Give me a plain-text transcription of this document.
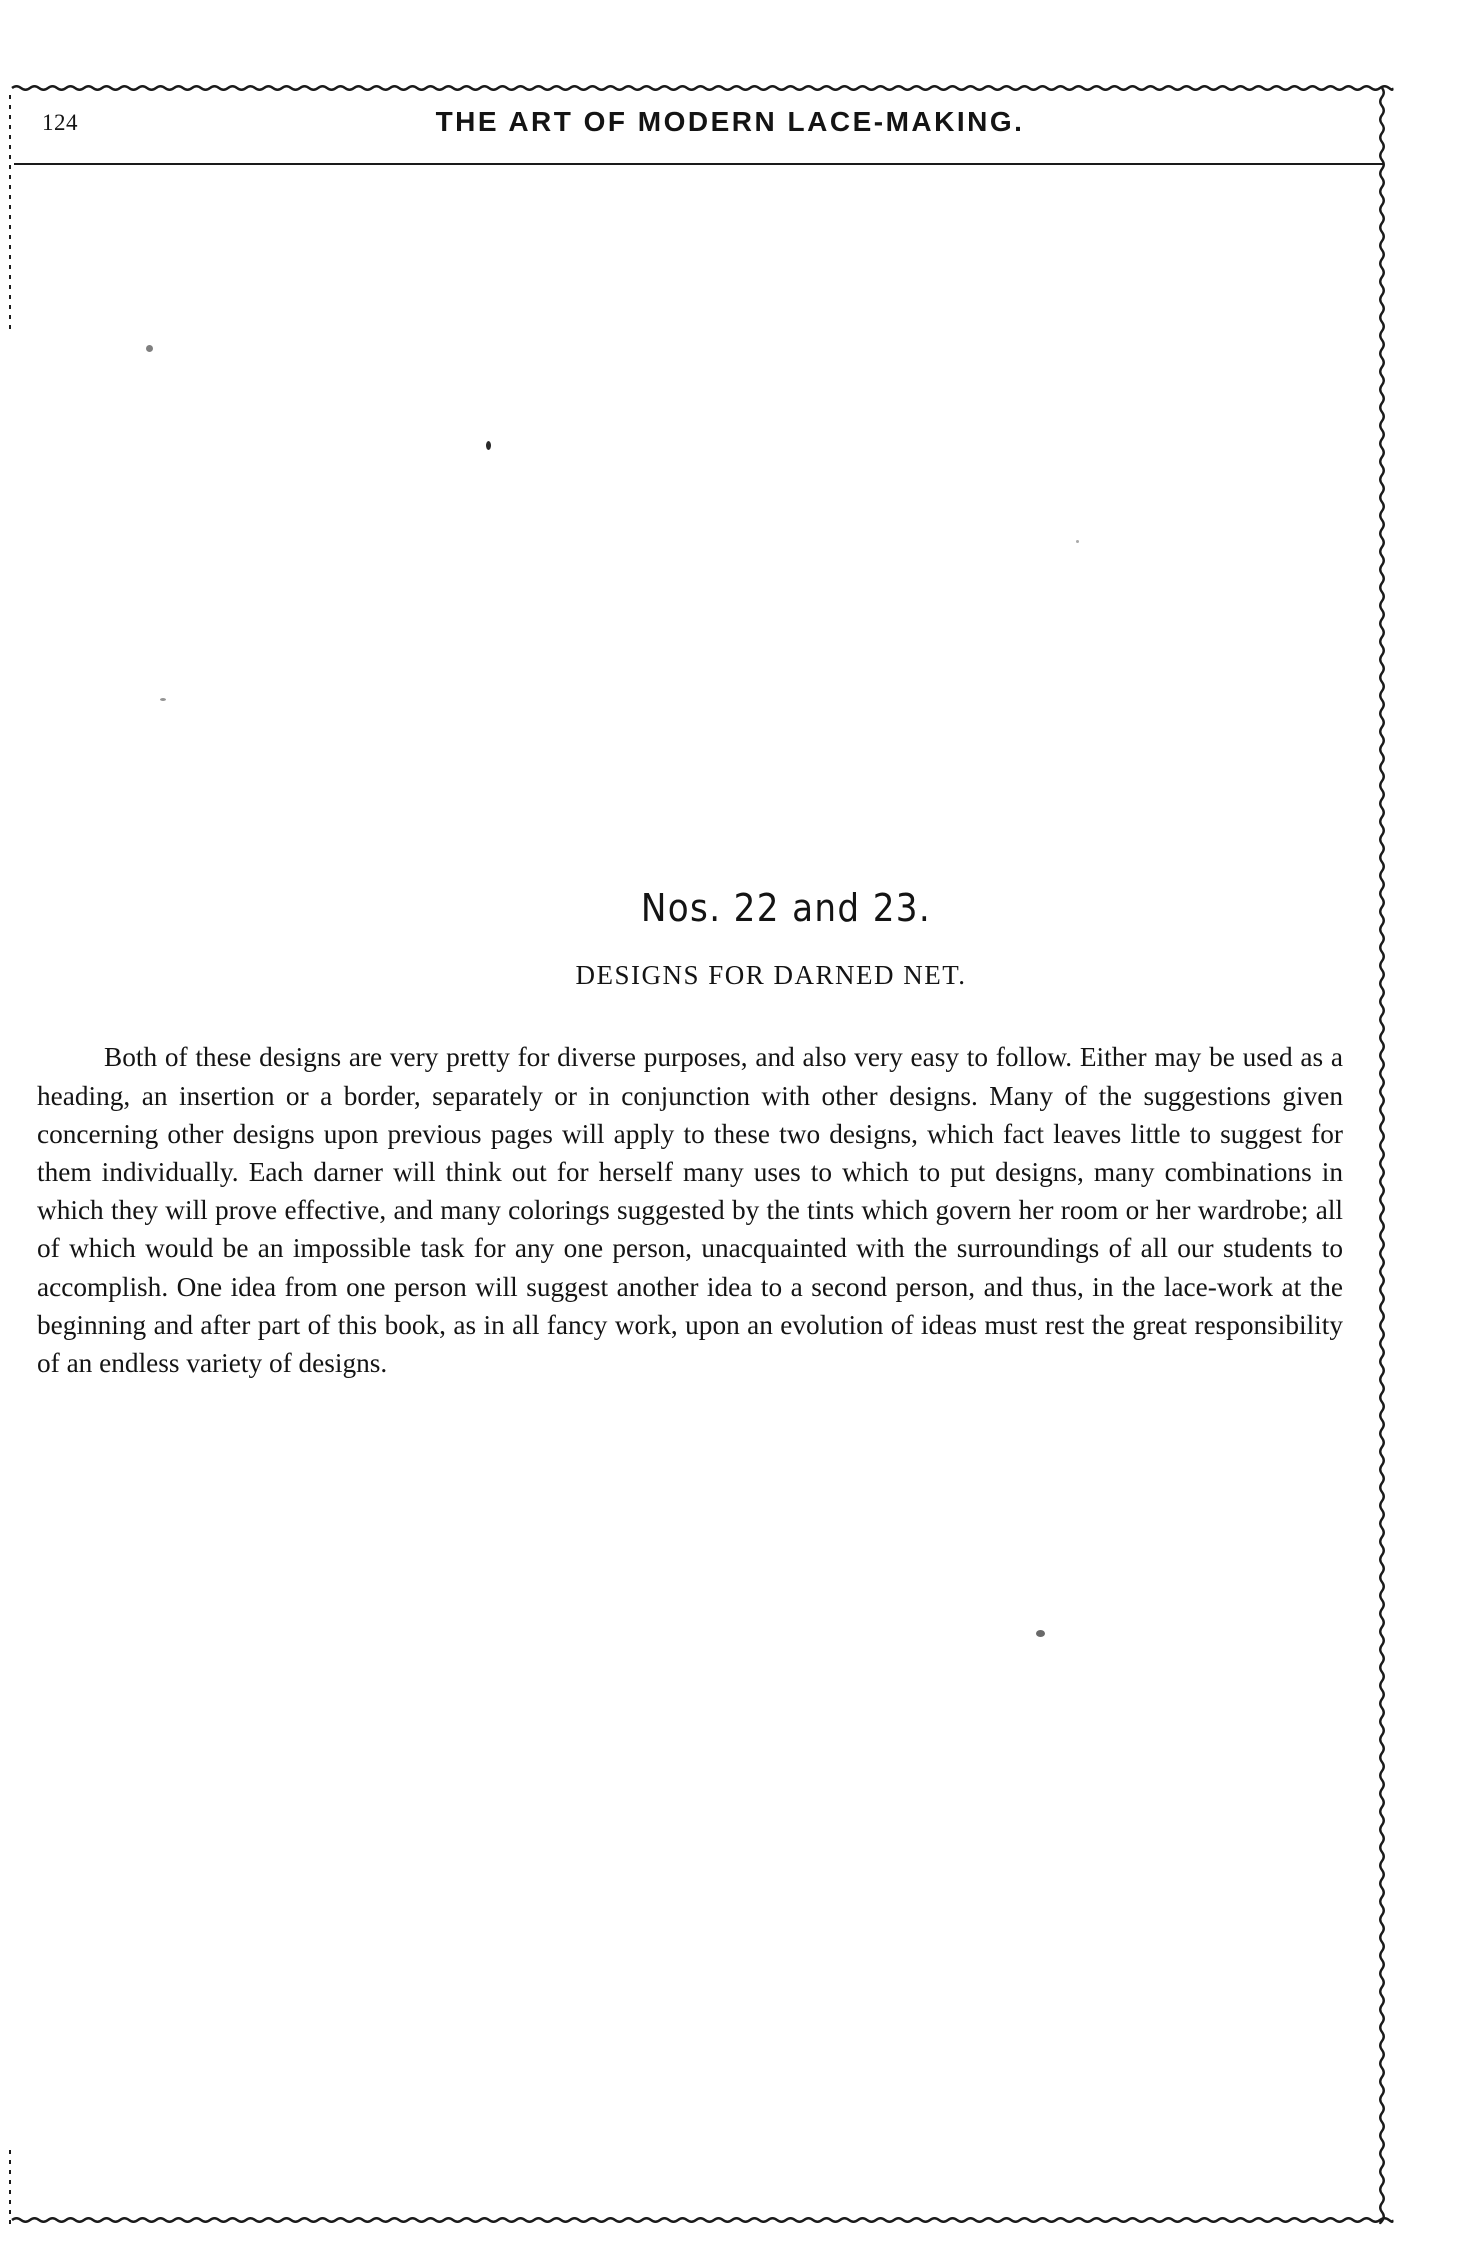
124	THE ART OF MODERN LACE-MAKING.
Nos. 22 and 23.
DESIGNS FOR DARNED NET.

Both of these designs are very pretty for diverse purposes, and also very easy to follow. Either may be used as a heading, an insertion or a border, separately or in conjunction with other designs. Many of the suggestions given concerning other designs upon previous pages will apply to these two designs, which fact leaves little to suggest for them individually. Each darner will think out for herself many uses to which to put designs, many combinations in which they will prove effective, and many colorings suggested by the tints which govern her room or her wardrobe; all of which would be an impossible task for any one person, unacquainted with the surroundings of all our students to accomplish. One idea from one person will suggest another idea to a second person, and thus, in the lace-work at the beginning and after part of this book, as in all fancy work, upon an evolution of ideas must rest the great responsibility of an endless variety of designs.
